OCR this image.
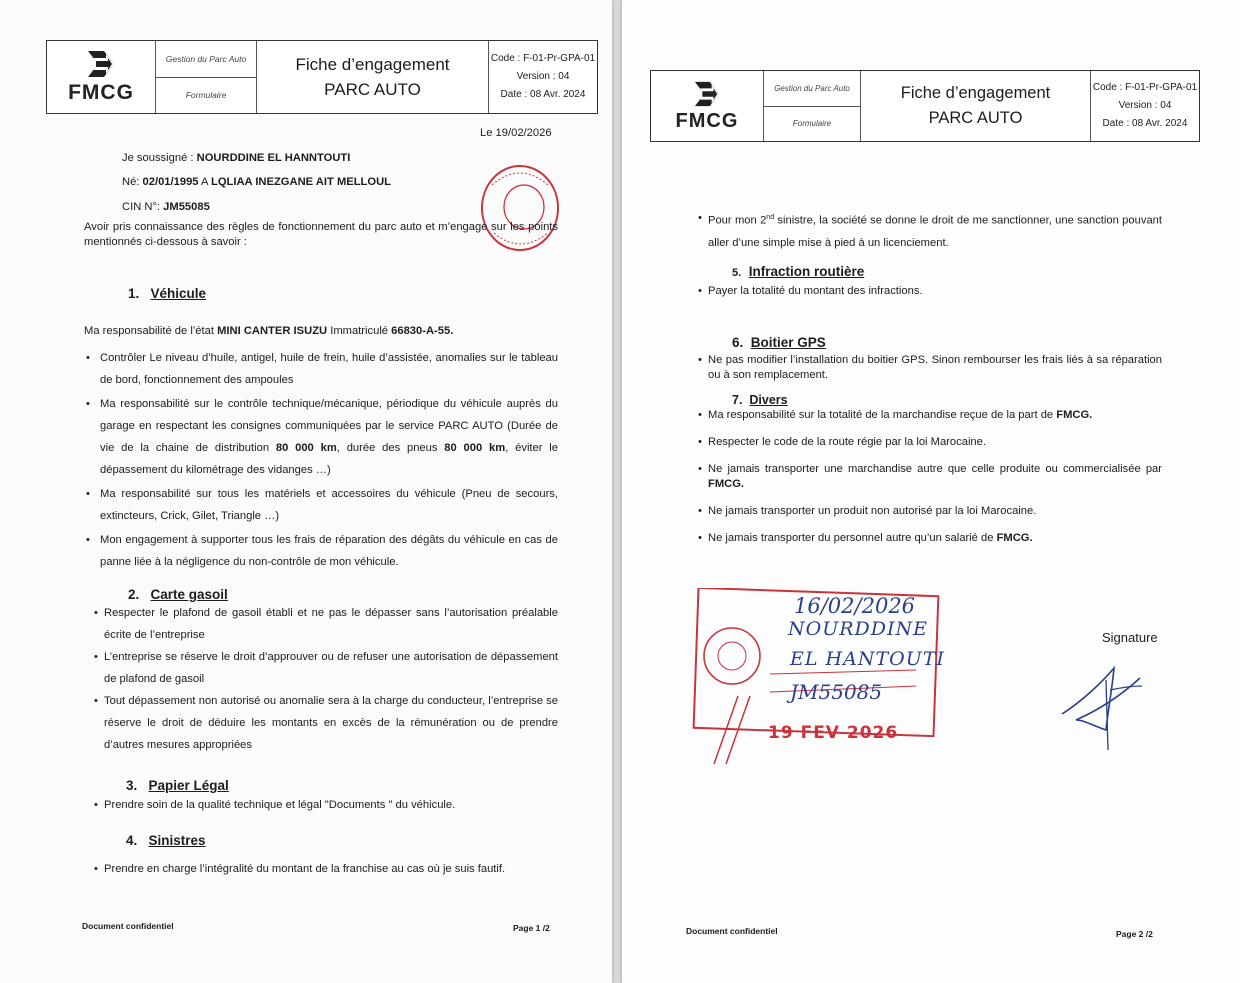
FMCG
Gestion du Parc Auto
Formulaire
Fiche d’engagement
PARC AUTO
Code : F-01-Pr-GPA-01
Version : 04
Date : 08 Avr. 2024
Le 19/02/2026
Je soussigné : NOURDDINE EL HANNTOUTI
Né: 02/01/1995 A LQLIAA INEZGANE AIT MELLOUL
CIN N°: JM55085
Avoir pris connaissance des règles de fonctionnement du parc auto et m’engage sur les points mentionnés ci-dessous à savoir :
1. Véhicule
Ma responsabilité de l’état MINI CANTER ISUZU Immatriculé 66830-A-55.
• Contrôler Le niveau d’huile, antigel, huile de frein, huile d’assistée, anomalies sur le tableau de bord, fonctionnement des ampoules
• Ma responsabilité sur le contrôle technique/mécanique, périodique du véhicule auprès du garage en respectant les consignes communiquées par le service PARC AUTO (Durée de vie de la chaine de distribution 80 000 km, durée des pneus 80 000 km, éviter le dépassement du kilométrage des vidanges …)
• Ma responsabilité sur tous les matériels et accessoires du véhicule (Pneu de secours, extincteurs, Crick, Gilet, Triangle …)
• Mon engagement à supporter tous les frais de réparation des dégâts du véhicule en cas de panne liée à la négligence du non-contrôle de mon véhicule.
2. Carte gasoil
• Respecter le plafond de gasoil établi et ne pas le dépasser sans l’autorisation préalable écrite de l’entreprise
• L’entreprise se réserve le droit d’approuver ou de refuser une autorisation de dépassement de plafond de gasoil
• Tout dépassement non autorisé ou anomalie sera à la charge du conducteur, l’entreprise se réserve le droit de déduire les montants en excès de la rémunération ou de prendre d’autres mesures appropriées
3. Papier Légal
• Prendre soin de la qualité technique et légal "Documents " du véhicule.
4. Sinistres
• Prendre en charge l’intégralité du montant de la franchise au cas où je suis fautif.
Document confidentiel	Page 1 /2
FMCG
Gestion du Parc Auto
Formulaire
Fiche d’engagement
PARC AUTO
Code : F-01-Pr-GPA-01
Version : 04
Date : 08 Avr. 2024
• Pour mon 2nd sinistre, la société se donne le droit de me sanctionner, une sanction pouvant aller d’une simple mise à pied à un licenciement.
5. Infraction routière
• Payer la totalité du montant des infractions.
6. Boitier GPS
• Ne pas modifier l’installation du boitier GPS. Sinon rembourser les frais liés à sa réparation ou à son remplacement.
7. Divers
• Ma responsabilité sur la totalité de la marchandise reçue de la part de FMCG.
• Respecter le code de la route régie par la loi Marocaine.
• Ne jamais transporter une marchandise autre que celle produite ou commercialisée par FMCG.
• Ne jamais transporter un produit non autorisé par la loi Marocaine.
• Ne jamais transporter du personnel autre qu’un salarié de FMCG.
19 FEV 2026
16/02/2026
NOURDDINE
EL HANTOUTI
JM55085
Signature
Document confidentiel	Page 2 /2
